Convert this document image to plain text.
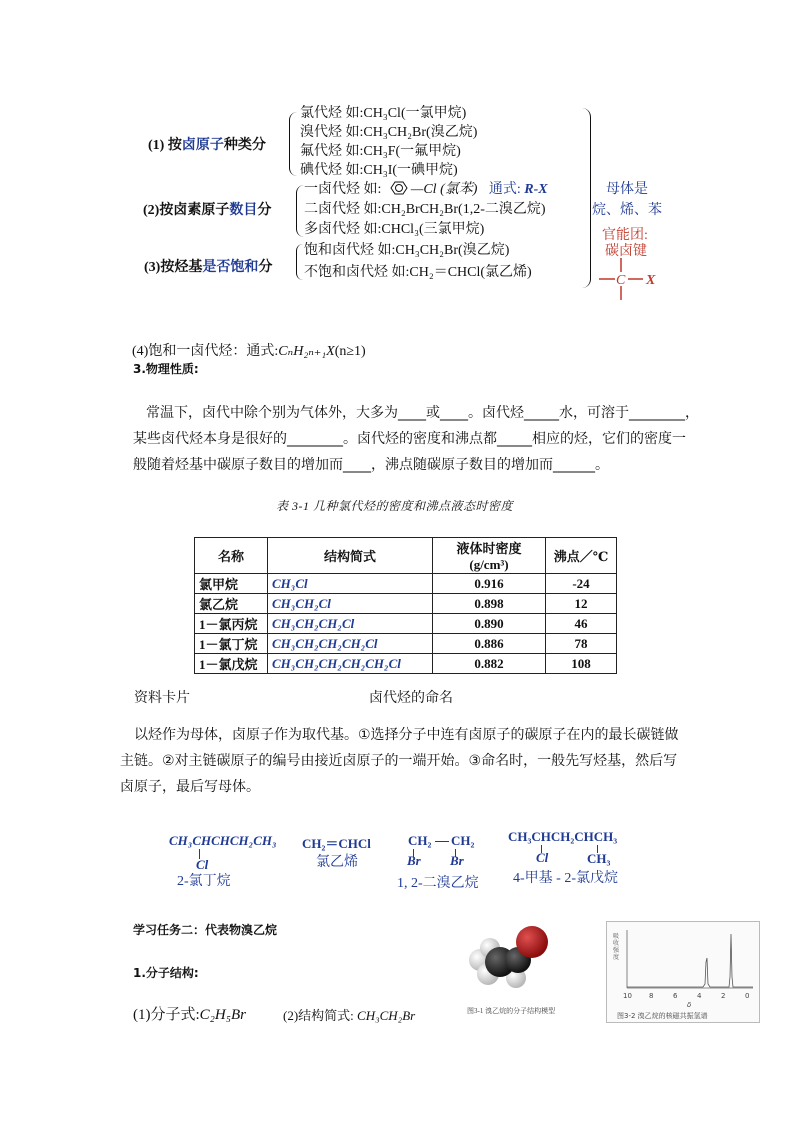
(1) 按卤原子种类分
氯代烃 如:CH₃Cl(一氯甲烷)
溴代烃 如:CH₃CH₂Br(溴乙烷)
氟代烃 如:CH₃F(一氟甲烷)
碘代烃 如:CH₃I(一碘甲烷)
(2)按卤素原子数目分
一卤代烃 如: —Cl (氯苯) 通式: R-X
二卤代烃 如:CH₂BrCH₂Br(1,2-二溴乙烷)
多卤代烃 如:CHCl₃(三氯甲烷)
(3)按烃基是否饱和分
饱和卤代烃 如:CH₃CH₂Br(溴乙烷)
不饱和卤代烃 如:CH₂＝CHCl(氯乙烯)
母体是
烷、烯、苯
官能团:
碳卤键
C X
(4)饱和一卤代烃：通式:CₙH₂ₙ₊₁X(n≥1)
3.物理性质:
常温下，卤代中除个别为气体外，大多为____或____。卤代烃_____水，可溶于________，
某些卤代烃本身是很好的________。卤代烃的密度和沸点都_____相应的烃，它们的密度一
般随着烃基中碳原子数目的增加而____，沸点随碳原子数目的增加而______。
表 3-1 几种氯代烃的密度和沸点液态时密度
名称	结构简式	液体时密度(g/cm³)	沸点／℃
氯甲烷	CH₃Cl	0.916	-24
氯乙烷	CH₃CH₂Cl	0.898	12
1－氯丙烷	CH₃CH₂CH₂Cl	0.890	46
1－氯丁烷	CH₃CH₂CH₂CH₂Cl	0.886	78
1－氯戊烷	CH₃CH₂CH₂CH₂CH₂Cl	0.882	108
资料卡片	卤代烃的命名
以烃作为母体，卤原子作为取代基。①选择分子中连有卤原子的碳原子在内的最长碳链做
主链。②对主链碳原子的编号由接近卤原子的一端开始。③命名时，一般先写烃基，然后写
卤原子，最后写母体。
CH₃CHCHCH₂CH₃
Cl
2-氯丁烷
CH₂＝CHCl
氯乙烯
CH₂ CH₂
Br Br
1, 2-二溴乙烷
CH₃CHCH₂CHCH₃
Cl	CH₃
4-甲基 - 2-氯戊烷
学习任务二：代表物溴乙烷
1.分子结构:
(1)分子式:C₂H₅Br	(2)结构简式: CH₃CH₂Br	图3-1 溴乙烷的分子结构模型
吸收强度
10 8	6	4	2	0
δ
图3-2 溴乙烷的核磁共振氢谱
